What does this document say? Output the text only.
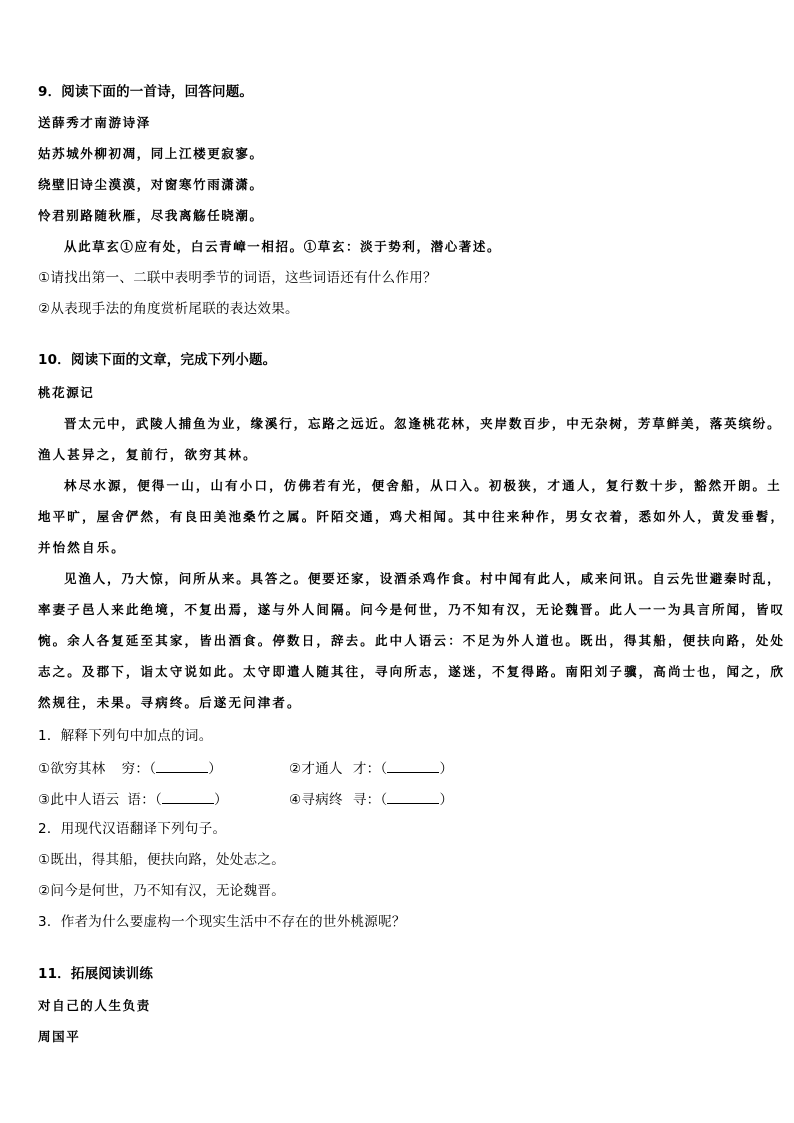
9．阅读下面的一首诗，回答问题。
送薛秀才南游诗泽
姑苏城外柳初凋，同上江楼更寂寥。
绕壁旧诗尘漠漠，对窗寒竹雨潇潇。
怜君别路随秋雁，尽我离觞任晓潮。
从此草玄①应有处，白云青嶂一相招。①草玄：淡于势利，潜心著述。
①请找出第一、二联中表明季节的词语，这些词语还有什么作用？
②从表现手法的角度赏析尾联的表达效果。
10．阅读下面的文章，完成下列小题。
桃花源记
晋太元中，武陵人捕鱼为业，缘溪行，忘路之远近。忽逢桃花林，夹岸数百步，中无杂树，芳草鲜美，落英缤纷。
渔人甚异之，复前行，欲穷其林。
林尽水源，便得一山，山有小口，仿佛若有光，便舍船，从口入。初极狭，才通人，复行数十步，豁然开朗。土
地平旷，屋舍俨然，有良田美池桑竹之属。阡陌交通，鸡犬相闻。其中往来种作，男女衣着，悉如外人，黄发垂髫，
并怡然自乐。
见渔人，乃大惊，问所从来。具答之。便要还家，设酒杀鸡作食。村中闻有此人，咸来问讯。自云先世避秦时乱，
率妻子邑人来此绝境，不复出焉，遂与外人间隔。问今是何世，乃不知有汉，无论魏晋。此人一一为具言所闻，皆叹
惋。余人各复延至其家，皆出酒食。停数日，辞去。此中人语云：不足为外人道也。既出，得其船，便扶向路，处处
志之。及郡下，诣太守说如此。太守即遣人随其往，寻向所志，遂迷，不复得路。南阳刘子骥，高尚士也，闻之，欣
然规往，未果。寻病终。后遂无问津者。
1．解释下列句中加点的词。
①欲穷其林 穷：（	）	②才通人 才：（	）
③此中人语云 语：（	）	④寻病终 寻：（	）
2．用现代汉语翻译下列句子。
①既出，得其船，便扶向路，处处志之。
②问今是何世，乃不知有汉，无论魏晋。
3．作者为什么要虚构一个现实生活中不存在的世外桃源呢？
11．拓展阅读训练
对自己的人生负责
周国平
